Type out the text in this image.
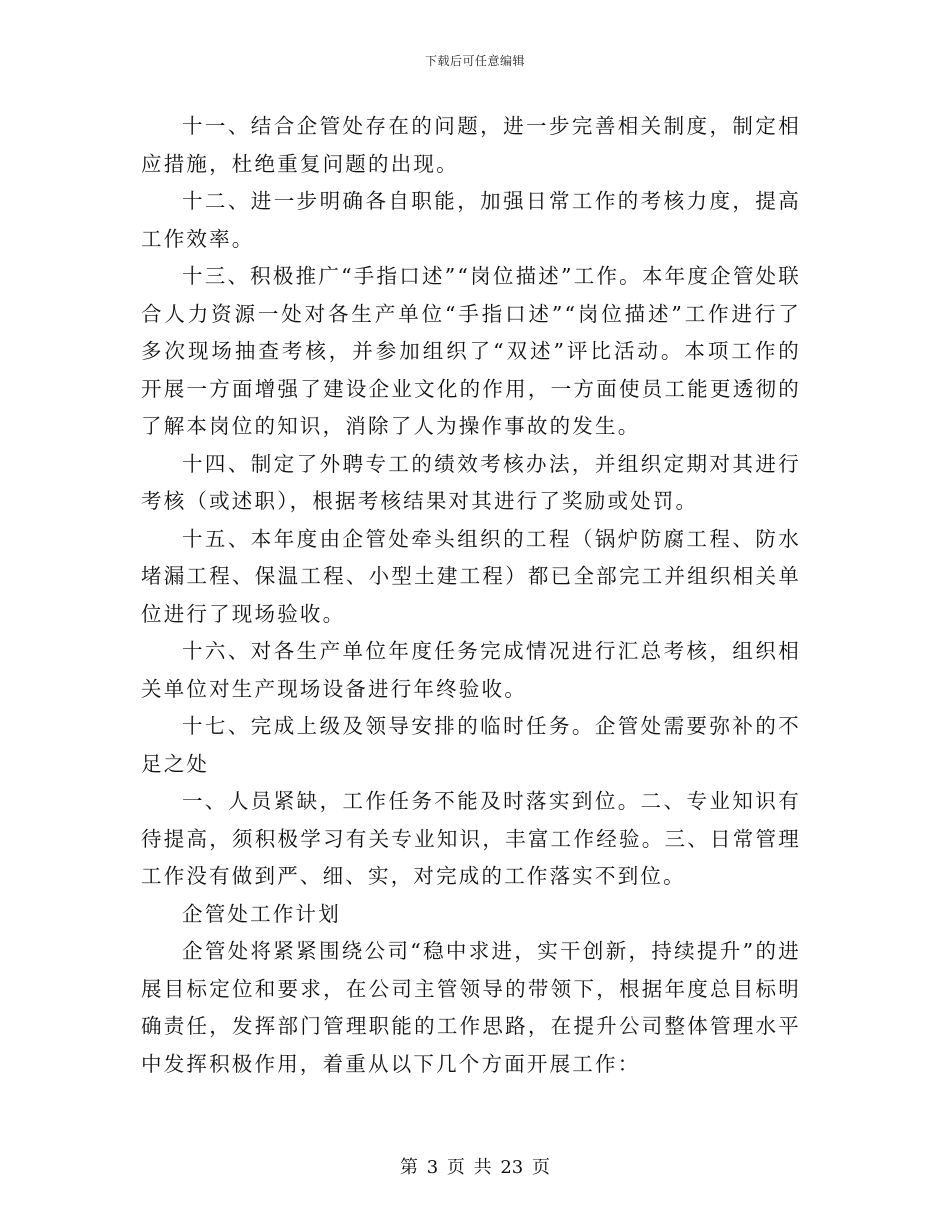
下载后可任意编辑

十一、结合企管处存在的问题，进一步完善相关制度，制定相应措施，杜绝重复问题的出现。

十二、进一步明确各自职能，加强日常工作的考核力度，提高工作效率。

十三、积极推广“手指口述”“岗位描述”工作。本年度企管处联合人力资源一处对各生产单位“手指口述”“岗位描述”工作进行了多次现场抽查考核，并参加组织了“双述”评比活动。本项工作的开展一方面增强了建设企业文化的作用，一方面使员工能更透彻的了解本岗位的知识，消除了人为操作事故的发生。

十四、制定了外聘专工的绩效考核办法，并组织定期对其进行考核（或述职），根据考核结果对其进行了奖励或处罚。

十五、本年度由企管处牵头组织的工程（锅炉防腐工程、防水堵漏工程、保温工程、小型土建工程）都已全部完工并组织相关单位进行了现场验收。

十六、对各生产单位年度任务完成情况进行汇总考核，组织相关单位对生产现场设备进行年终验收。

十七、完成上级及领导安排的临时任务。企管处需要弥补的不足之处

一、人员紧缺，工作任务不能及时落实到位。二、专业知识有待提高，须积极学习有关专业知识，丰富工作经验。三、日常管理工作没有做到严、细、实，对完成的工作落实不到位。

企管处工作计划

企管处将紧紧围绕公司“稳中求进，实干创新，持续提升”的进展目标定位和要求，在公司主管领导的带领下，根据年度总目标明确责任，发挥部门管理职能的工作思路，在提升公司整体管理水平中发挥积极作用，着重从以下几个方面开展工作：

第 3 页 共 23 页
